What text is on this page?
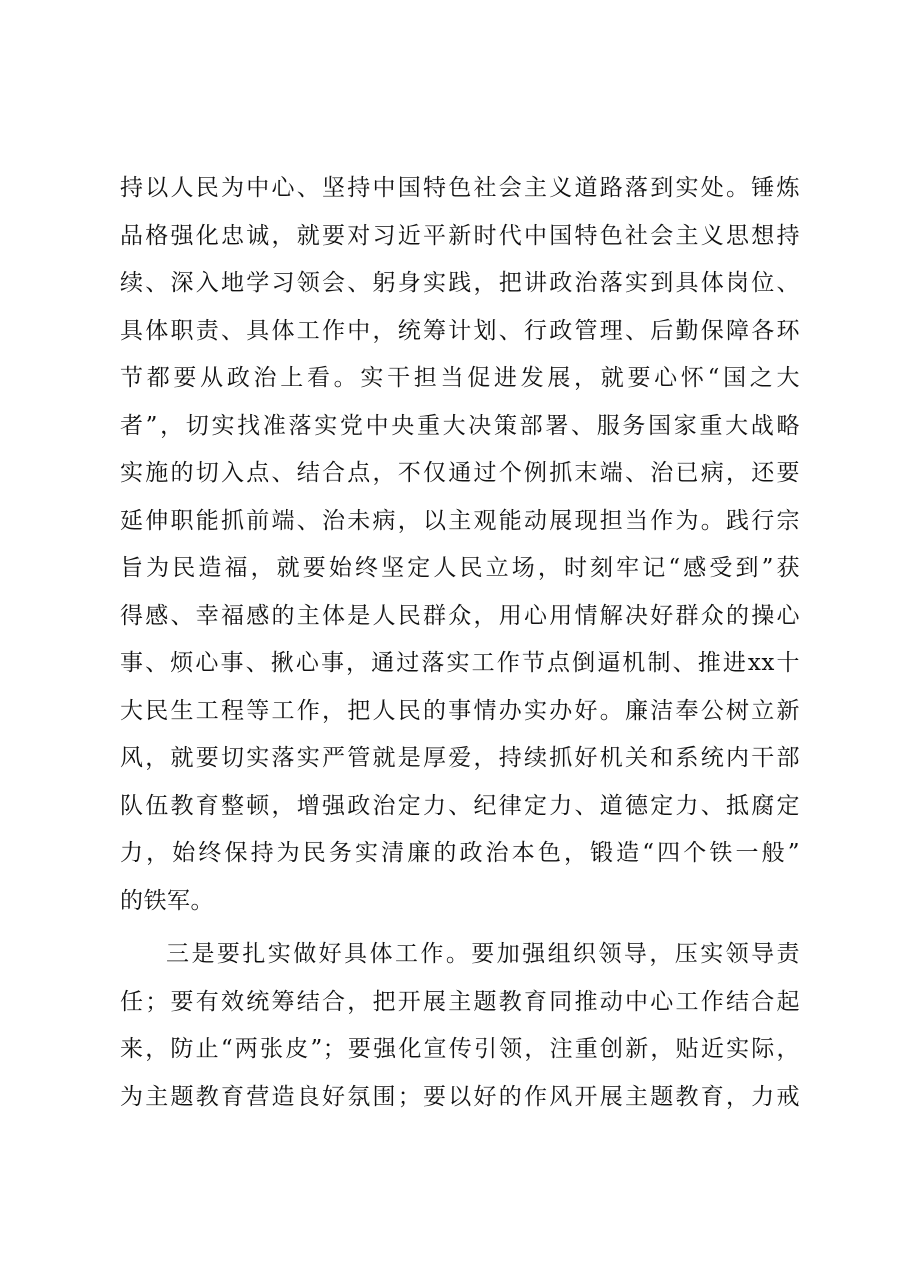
持以人民为中心、坚持中国特色社会主义道路落到实处。锤炼
品格强化忠诚，就要对习近平新时代中国特色社会主义思想持
续、深入地学习领会、躬身实践，把讲政治落实到具体岗位、
具体职责、具体工作中，统筹计划、行政管理、后勤保障各环
节都要从政治上看。实干担当促进发展，就要心怀“国之大
者”，切实找准落实党中央重大决策部署、服务国家重大战略
实施的切入点、结合点，不仅通过个例抓末端、治已病，还要
延伸职能抓前端、治未病，以主观能动展现担当作为。践行宗
旨为民造福，就要始终坚定人民立场，时刻牢记“感受到”获
得感、幸福感的主体是人民群众，用心用情解决好群众的操心
事、烦心事、揪心事，通过落实工作节点倒逼机制、推进xx十
大民生工程等工作，把人民的事情办实办好。廉洁奉公树立新
风，就要切实落实严管就是厚爱，持续抓好机关和系统内干部
队伍教育整顿，增强政治定力、纪律定力、道德定力、抵腐定
力，始终保持为民务实清廉的政治本色，锻造“四个铁一般”
的铁军。
三是要扎实做好具体工作。要加强组织领导，压实领导责
任；要有效统筹结合，把开展主题教育同推动中心工作结合起
来，防止“两张皮”；要强化宣传引领，注重创新，贴近实际，
为主题教育营造良好氛围；要以好的作风开展主题教育，力戒
